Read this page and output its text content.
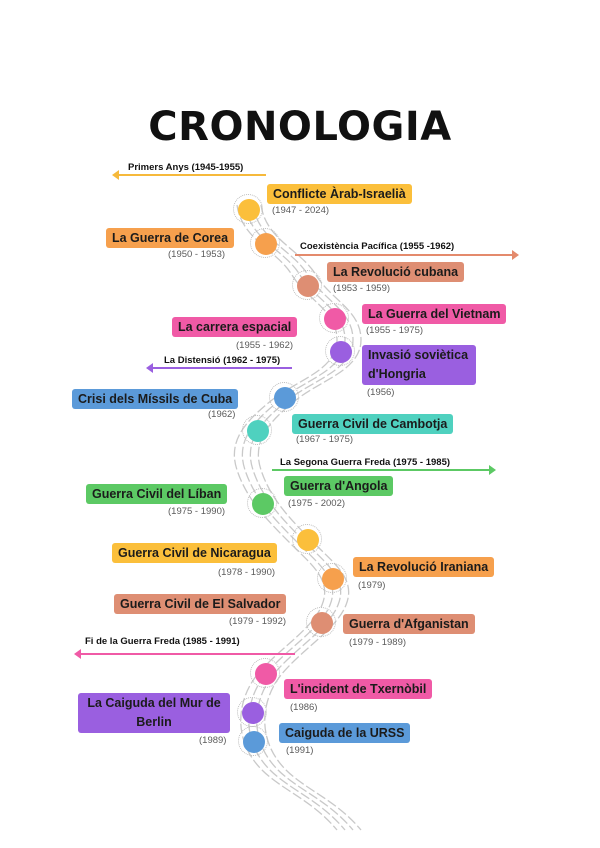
CRONOLOGIA
Primers Anys (1945-1955)
Coexistència Pacífica (1955 -1962)
La Distensió (1962 - 1975)
La Segona Guerra Freda (1975 - 1985)
Fi de la Guerra Freda (1985 - 1991)
Conflicte Àrab-Israelià
(1947 - 2024)
La Guerra de Corea
(1950 - 1953)
La Revolució cubana
(1953 - 1959)
La Guerra del Vietnam
(1955 - 1975)
La carrera espacial
(1955 - 1962)
Invasió soviètica d'Hongria
(1956)
Crisi dels Míssils de Cuba
(1962)
Guerra Civil de Cambotja
(1967 - 1975)
Guerra Civil del Líban
(1975 - 1990)
Guerra d'Angola
(1975 - 2002)
Guerra Civil de Nicaragua
(1978 - 1990)	La Revolució Iraniana
(1979)
Guerra Civil de El Salvador
(1979 - 1992)	Guerra d'Afganistan
(1979 - 1989)
L'incident de Txernòbil
(1986)
La Caiguda del Mur de Berlin
(1989)
Caiguda de la URSS
(1991)
